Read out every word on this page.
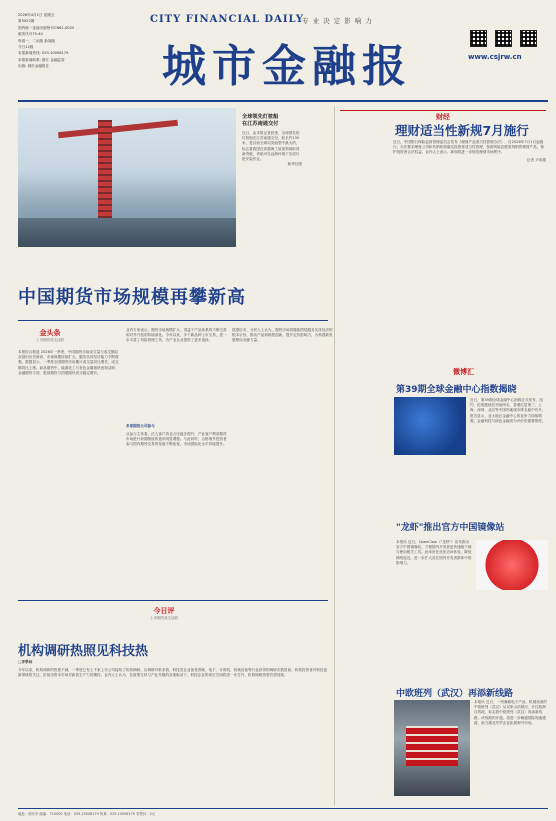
2026年4月1日 星期五
第5022期
国内统一连续出版物号CN61-0025
邮发代号75-40
每周一、二出版 新闻版
今日12版
本报新闻热线: 029-10006179
本报新闻联系: 浙江 金融监管
出版: 城市金融报社
CITY FINANCIAL DAILY
专 业 决 定 影 响 力
城市金融报	www.csjrw.cn
全球领先灯桩船
在江苏南通交付
近日，由本报记者获悉，全球领先的灯桩船在江苏南通交付，船长约135米，是目前全球同类船型中最大的，标志着我国在高端海工装备领域取得新突破，该船可在远海环境下完成灯桩安装作业。
新华社图
财经
理财适当性新规7月施行
近日，中国银行保险监督管理委员会发布《理财产品适当性管理办法》，自2026年7月1日起施行。办法要求理财公司和代销机构落实投资者适当性管理，按照风险匹配原则销售理财产品，保护投资者合法权益。业内人士表示，新规将进一步规范理财市场秩序。
记者 尹成德
中国期货市场规模再攀新高
金头条
上市期货成交活跃
本报综合报道 2026年一季度，中国期货市场成交量与成交额双双创出历史新高，市场规模持续扩大，服务实体经济能力不断增强。数据显示，一季度全国期货市场累计成交量同比增长，成交额同比上涨。商品期货中，能源化工与有色金属板块表现活跃；金融期货方面，股指期货与国债期货成交稳定增长。
业内专家表示，期货市场规模扩大，得益于产品体系的不断完善和对外开放的持续深化。今年以来，多个新品种上市交易，进一步丰富了风险管理工具，为产业企业提供了更多选择。
多家期货公司参与
从参与主体看，法人客户持仓占比稳步提升，产业客户利用期货市场进行套期保值的意识明显增强。与此同时，合格境外投资者参与国内期货交易的渠道不断拓宽，市场国际化水平持续提升。
展望后市，分析人士认为，期货市场将继续围绕服务实体经济的根本宗旨，推动产品和制度创新，提升定价影响力，为构建新发展格局贡献力量。
今日评
上市期货成交活跃
机构调研热照见科技热
□季學林
今年以来，机构调研的热度不减，一季度已有上千家上市公司接待了机构调研。从调研对象来看，科技类企业备受青睐，电子、计算机、机械设备等行业获得的调研次数居前。机构投资者对科技创新领域的关注，折射出资本市场对新质生产力的期待。业内人士认为，在政策支持与产业升级的双重驱动下，科技企业的成长空间将进一步打开，机构调研热度有望延续。
微博汇
第39期全球金融中心指数揭晓
近日，第39期全球金融中心指数正式发布，纽约、伦敦继续位列前两名，香港位居第三，上海、深圳、北京等中国内地城市排名稳中有升。报告显示，亚太地区金融中心的竞争力持续增强，金融科技与绿色金融成为评价的重要维度。
"龙虾"推出官方中国镜像站
本报讯 近日，OpenClaw（"龙虾"）宣布推出官方中国镜像站，方便国内开发者更快速地下载与使用相关工具。此举旨在优化访问体验，降低网络延迟，进一步扩大其在国内开发者群体中的影响力。
中欧班列（武汉）再添新线路
本报讯 近日，一列满载电子产品、机械设备的中欧班列（武汉）从吴家山站驶出，开往欧洲目的地，标志着中欧班列（武汉）再添新线路。该线路的开通，将进一步畅通国际物流通道，助力湖北外贸企业拓展海外市场。
地址：西安市 邮编：710000 电话：029-10006179 传真：029-10006179 零售价：2元
